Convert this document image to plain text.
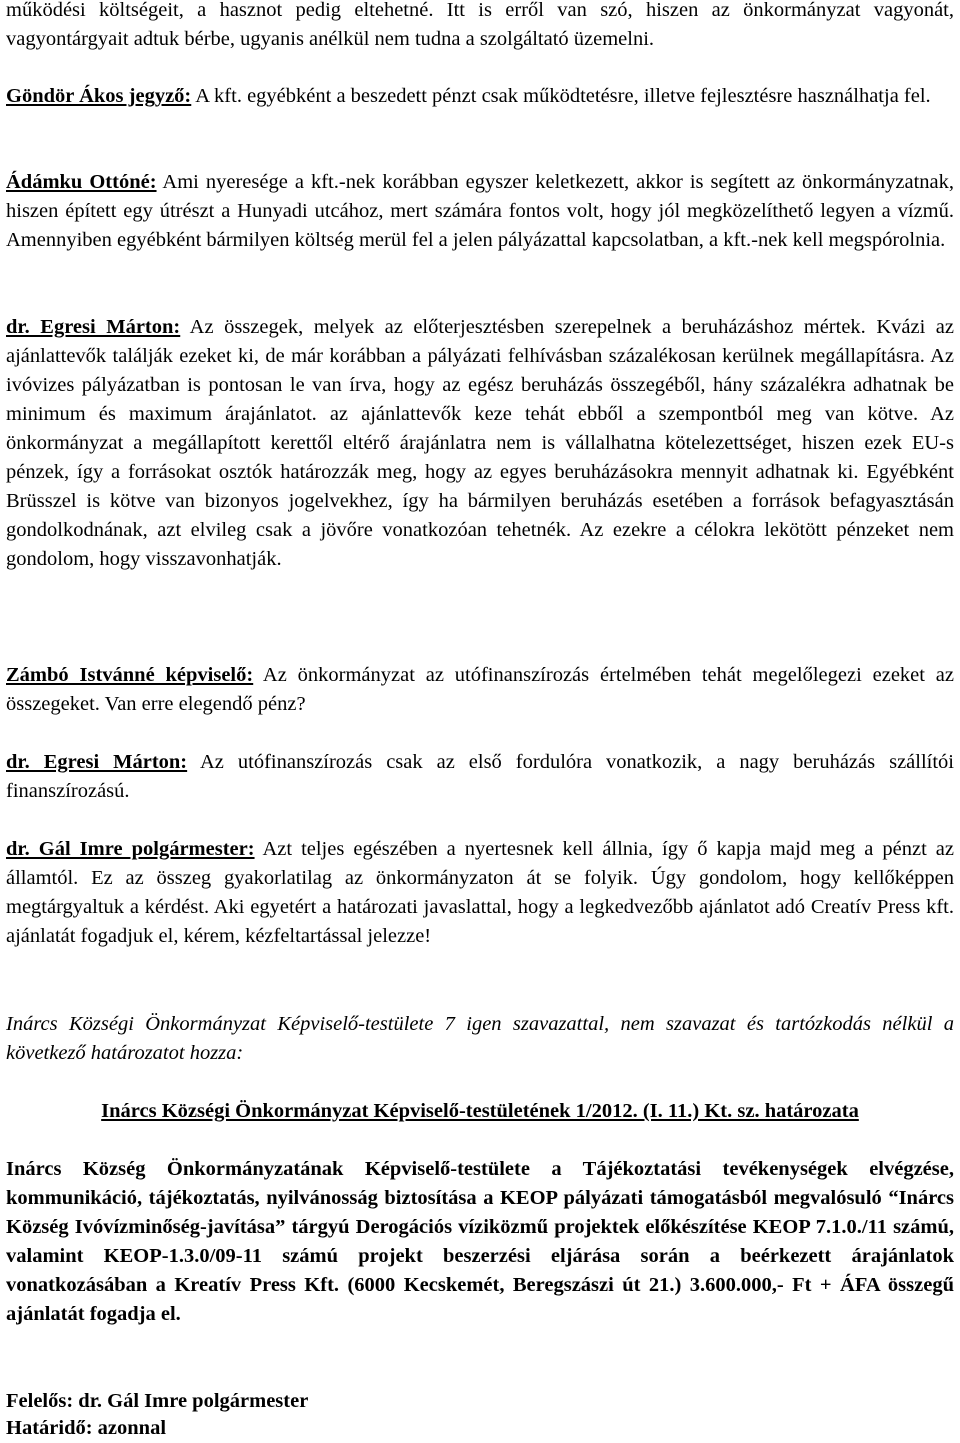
működési költségeit, a hasznot pedig eltehetné. Itt is erről van szó, hiszen az önkormányzat vagyonát, vagyontárgyait adtuk bérbe, ugyanis anélkül nem tudna a szolgáltató üzemelni.

Göndör Ákos jegyző: A kft. egyébként a beszedett pénzt csak működtetésre, illetve fejlesztésre használhatja fel.

Ádámku Ottóné: Ami nyeresége a kft.-nek korábban egyszer keletkezett, akkor is segített az önkormányzatnak, hiszen épített egy útrészt a Hunyadi utcához, mert számára fontos volt, hogy jól megközelíthető legyen a vízmű. Amennyiben egyébként bármilyen költség merül fel a jelen pályázattal kapcsolatban, a kft.-nek kell megspórolnia.

dr. Egresi Márton: Az összegek, melyek az előterjesztésben szerepelnek a beruházáshoz mértek. Kvázi az ajánlattevők találják ezeket ki, de már korábban a pályázati felhívásban százalékosan kerülnek megállapításra. Az ivóvizes pályázatban is pontosan le van írva, hogy az egész beruházás összegéből, hány százalékra adhatnak be minimum és maximum árajánlatot. az ajánlattevők keze tehát ebből a szempontból meg van kötve. Az önkormányzat a megállapított kerettől eltérő árajánlatra nem is vállalhatna kötelezettséget, hiszen ezek EU-s pénzek, így a forrásokat osztók határozzák meg, hogy az egyes beruházásokra mennyit adhatnak ki. Egyébként Brüsszel is kötve van bizonyos jogelvekhez, így ha bármilyen beruházás esetében a források befagyasztásán gondolkodnának, azt elvileg csak a jövőre vonatkozóan tehetnék. Az ezekre a célokra lekötött pénzeket nem gondolom, hogy visszavonhatják.

Zámbó Istvánné képviselő: Az önkormányzat az utófinanszírozás értelmében tehát megelőlegezi ezeket az összegeket. Van erre elegendő pénz?

dr. Egresi Márton: Az utófinanszírozás csak az első fordulóra vonatkozik, a nagy beruházás szállítói finanszírozású.

dr. Gál Imre polgármester: Azt teljes egészében a nyertesnek kell állnia, így ő kapja majd meg a pénzt az államtól. Ez az összeg gyakorlatilag az önkormányzaton át se folyik. Úgy gondolom, hogy kellőképpen megtárgyaltuk a kérdést. Aki egyetért a határozati javaslattal, hogy a legkedvezőbb ajánlatot adó Creatív Press kft. ajánlatát fogadjuk el, kérem, kézfeltartással jelezze!

Inárcs Községi Önkormányzat Képviselő-testülete 7 igen szavazattal, nem szavazat és tartózkodás nélkül a következő határozatot hozza:

Inárcs Községi Önkormányzat Képviselő-testületének 1/2012. (I. 11.) Kt. sz. határozata

Inárcs Község Önkormányzatának Képviselő-testülete a Tájékoztatási tevékenységek elvégzése, kommunikáció, tájékoztatás, nyilvánosság biztosítása a KEOP pályázati támogatásból megvalósuló “Inárcs Község Ivóvízminőség-javítása” tárgyú Derogációs víziközmű projektek előkészítése KEOP 7.1.0./11 számú, valamint KEOP-1.3.0/09-11 számú projekt beszerzési eljárása során a beérkezett árajánlatok vonatkozásában a Kreatív Press Kft. (6000 Kecskemét, Beregszászi út 21.) 3.600.000,- Ft + ÁFA összegű ajánlatát fogadja el.

Felelős: dr. Gál Imre polgármester

Határidő: azonnal
